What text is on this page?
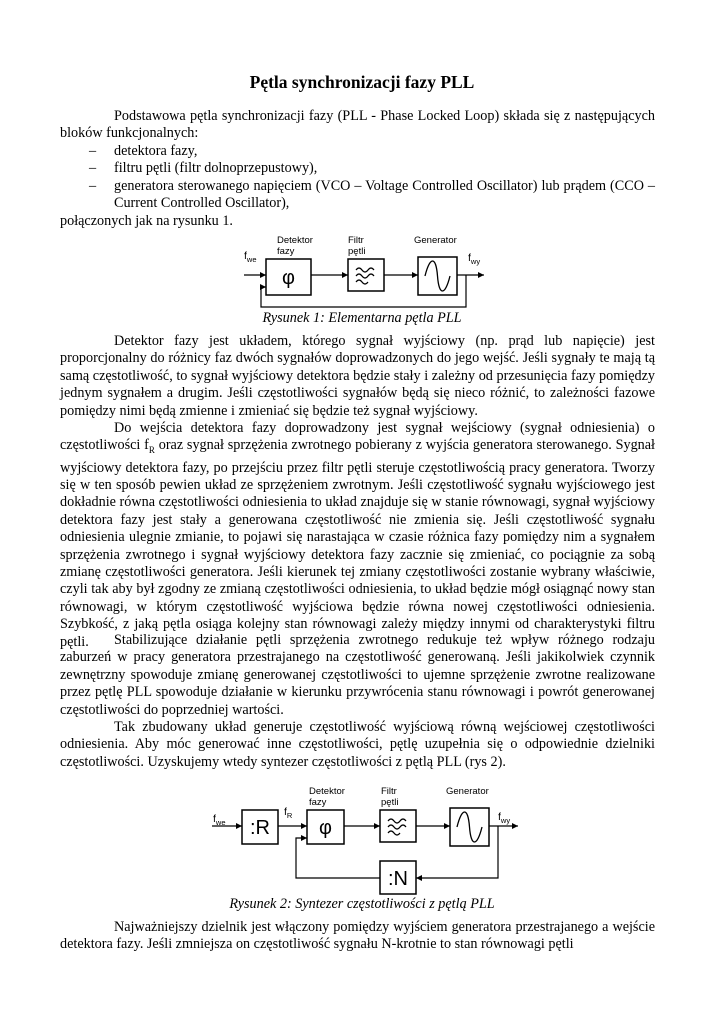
Pętla synchronizacji fazy PLL

Podstawowa pętla synchronizacji fazy (PLL - Phase Locked Loop) składa się z następujących bloków funkcjonalnych:

– detektora fazy,
– filtru pętli (filtr dolnoprzepustowy),
– generatora sterowanego napięciem (VCO – Voltage Controlled Oscillator) lub prądem (CCO – Current Controlled Oscillator),

połączonych jak na rysunku 1.

Detektor
fazy
Filtr
pętli
Generator
$f_{we}$	$f_{wy}$
φ
Rysunek 1: Elementarna pętla PLL

Detektor fazy jest układem, którego sygnał wyjściowy (np. prąd lub napięcie) jest proporcjonalny do różnicy faz dwóch sygnałów doprowadzonych do jego wejść. Jeśli sygnały te mają tą samą częstotliwość, to sygnał wyjściowy detektora będzie stały i zależny od przesunięcia fazy pomiędzy jednym sygnałem a drugim. Jeśli częstotliwości sygnałów będą się nieco różnić, to zależności fazowe pomiędzy nimi będą zmienne i zmieniać się będzie też sygnał wyjściowy.

Do wejścia detektora fazy doprowadzony jest sygnał wejściowy (sygnał odniesienia) o częstotliwości $f_R$ oraz sygnał sprzężenia zwrotnego pobierany z wyjścia generatora sterowanego. Sygnał wyjściowy detektora fazy, po przejściu przez filtr pętli steruje częstotliwością pracy generatora. Tworzy się w ten sposób pewien układ ze sprzężeniem zwrotnym. Jeśli częstotliwość sygnału wyjściowego jest dokładnie równa częstotliwości odniesienia to układ znajduje się w stanie równowagi, sygnał wyjściowy detektora fazy jest stały a generowana częstotliwość nie zmienia się. Jeśli częstotliwość sygnału odniesienia ulegnie zmianie, to pojawi się narastająca w czasie różnica fazy pomiędzy nim a sygnałem sprzężenia zwrotnego i sygnał wyjściowy detektora fazy zacznie się zmieniać, co pociągnie za sobą zmianę częstotliwości generatora. Jeśli kierunek tej zmiany częstotliwości zostanie wybrany właściwie, czyli tak aby był zgodny ze zmianą częstotliwości odniesienia, to układ będzie mógł osiągnąć nowy stan równowagi, w którym częstotliwość wyjściowa będzie równa nowej częstotliwości odniesienia. Szybkość, z jaką pętla osiąga kolejny stan równowagi zależy między innymi od charakterystyki filtru pętli.	Stabilizujące działanie pętli sprzężenia zwrotnego redukuje też wpływ różnego rodzaju zaburzeń w pracy generatora przestrajanego na częstotliwość generowaną. Jeśli jakikolwiek czynnik zewnętrzny spowoduje zmianę generowanej częstotliwości to ujemne sprzężenie zwrotne realizowane przez pętlę PLL spowoduje działanie w kierunku przywrócenia stanu równowagi i powrót generowanej częstotliwości do poprzedniej wartości.

Tak zbudowany układ generuje częstotliwość wyjściową równą wejściowej częstotliwości odniesienia. Aby móc generować inne częstotliwości, pętlę uzupełnia się o odpowiednie dzielniki częstotliwości. Uzyskujemy wtedy syntezer częstotliwości z pętlą PLL (rys 2).

Detektor
fazy
Filtr
pętli
Generator
$f_{we}$
$f_R$	$f_{wy}$
:R φ
:N
Rysunek 2: Syntezer częstotliwości z pętlą PLL

Najważniejszy dzielnik jest włączony pomiędzy wyjściem generatora przestrajanego a wejście detektora fazy. Jeśli zmniejsza on częstotliwość sygnału N-krotnie to stan równowagi pętli
